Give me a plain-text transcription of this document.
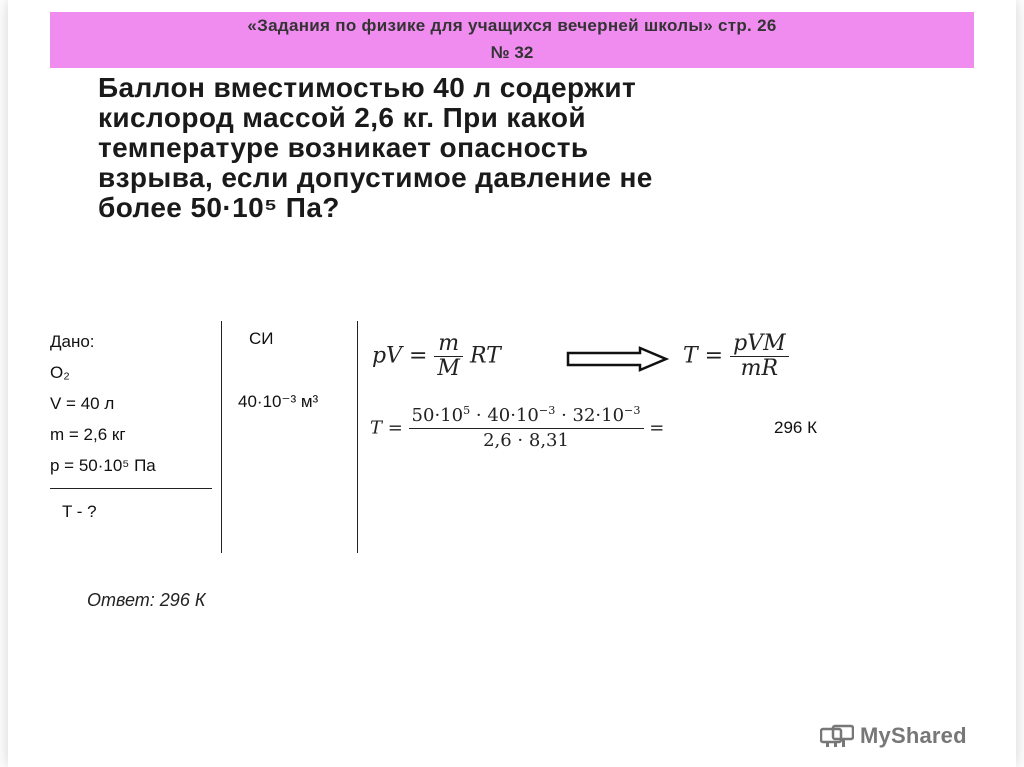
«Задания по физике для учащихся вечерней школы» стр. 26
№ 32
Баллон вместимостью 40 л содержит
кислород массой 2,6 кг. При какой
температуре возникает опасность
взрыва, если допустимое давление не
более 50·10⁵ Па?
Дано:
O₂
V = 40 л
m = 2,6 кг
p = 50·10⁵ Па
T - ?
СИ
40·10⁻³ м³
pV = $\frac{m}{M}$ RT	$T = \frac{\text{pVM}}{mR}$
$T = \frac{50\cdot 10^5 \cdot 40\cdot 10^{-3} \cdot 32\cdot 10^{-3}}{2,6 \cdot 8,31}$ =	296 К
Ответ: 296 К
MyShared
